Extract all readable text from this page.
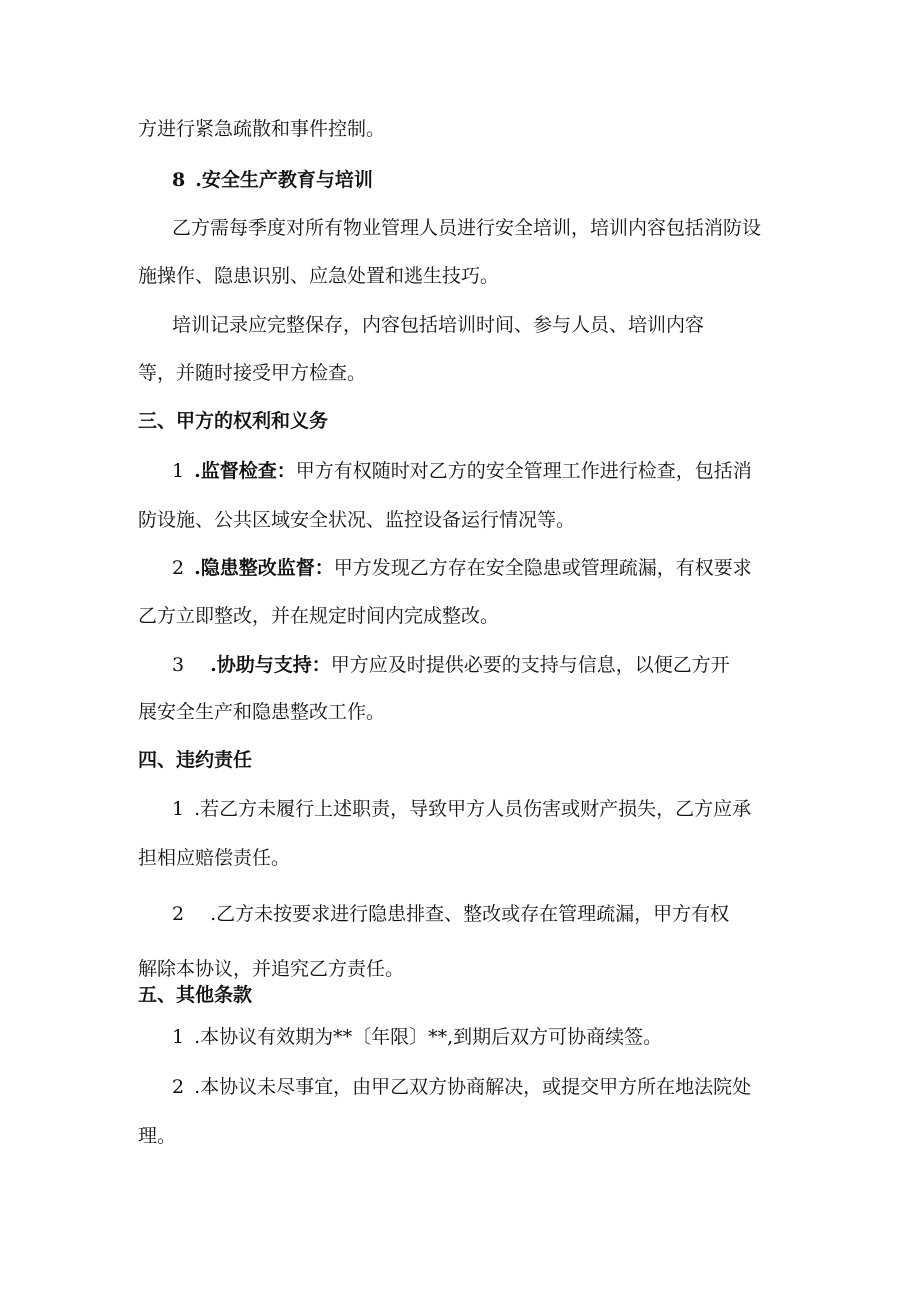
方进行紧急疏散和事件控制。
8 .安全生产教育与培训
乙方需每季度对所有物业管理人员进行安全培训，培训内容包括消防设
施操作、隐患识别、应急处置和逃生技巧。
培训记录应完整保存，内容包括培训时间、参与人员、培训内容
等，并随时接受甲方检查。
三、甲方的权利和义务
1 .监督检查：甲方有权随时对乙方的安全管理工作进行检查，包括消
防设施、公共区域安全状况、监控设备运行情况等。
2 .隐患整改监督：甲方发现乙方存在安全隐患或管理疏漏，有权要求
乙方立即整改，并在规定时间内完成整改。
3 .协助与支持：甲方应及时提供必要的支持与信息，以便乙方开
展安全生产和隐患整改工作。
四、违约责任
1 .若乙方未履行上述职责，导致甲方人员伤害或财产损失，乙方应承
担相应赔偿责任。
2 .乙方未按要求进行隐患排查、整改或存在管理疏漏，甲方有权
解除本协议，并追究乙方责任。
五、其他条款
1 .本协议有效期为**〔年限〕**,到期后双方可协商续签。
2 .本协议未尽事宜，由甲乙双方协商解决，或提交甲方所在地法院处
理。
